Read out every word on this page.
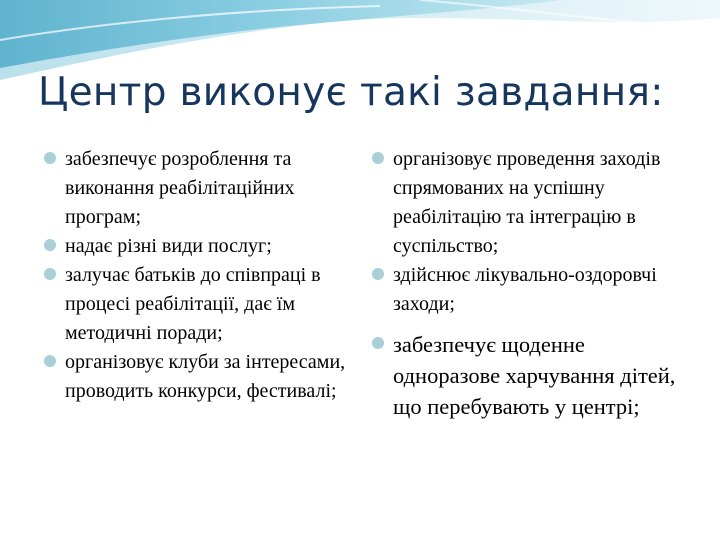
Центр виконує такі завдання:
забезпечує розроблення та виконання реабілітаційних програм;
надає різні види послуг;
залучає батьків до співпраці в процесі реабілітації, дає їм методичні поради;
організовує клуби за інтересами, проводить конкурси, фестивалі;
організовує проведення заходів спрямованих на успішну реабілітацію та інтеграцію в суспільство;
здійснює лікувально-оздоровчі заходи;
забезпечує щоденне одноразове харчування дітей, що перебувають у центрі;
